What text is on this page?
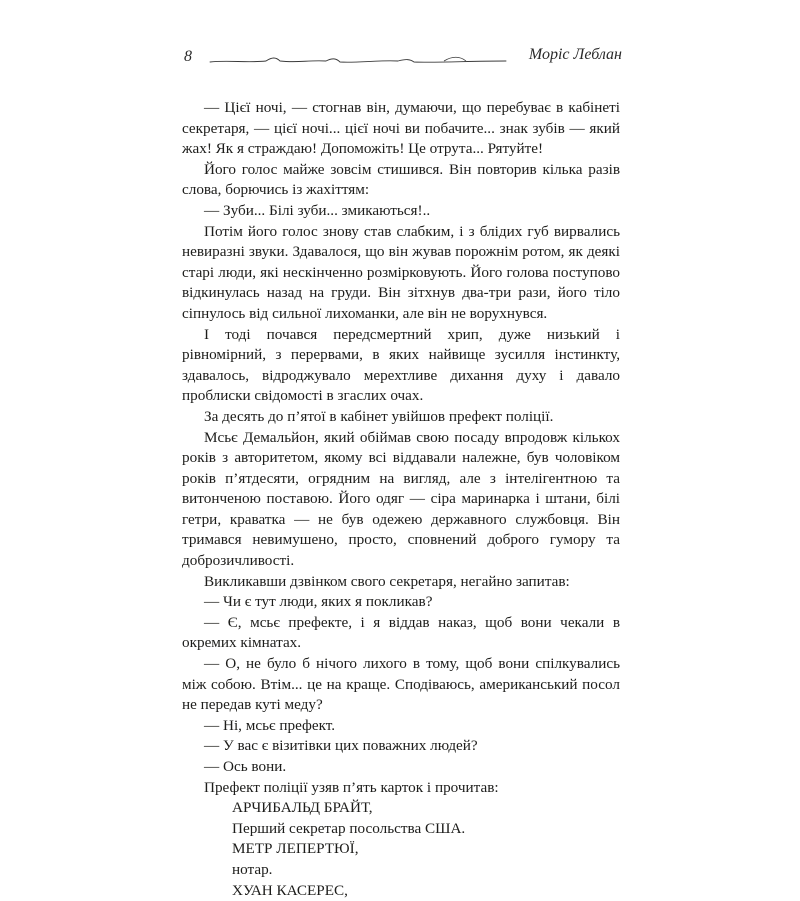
8	Моріс Леблан

— Цієї ночі, — стогнав він, думаючи, що перебуває в кабінеті секретаря, — цієї ночі... цієї ночі ви побачите... знак зубів — який жах! Як я страждаю! Допоможіть! Це отрута... Рятуйте!

Його голос майже зовсім стишився. Він повторив кілька разів слова, борючись із жахіттям:

— Зуби... Білі зуби... змикаються!..

Потім його голос знову став слабким, і з блідих губ вирвались невиразні звуки. Здавалося, що він жував порожнім ротом, як деякі старі люди, які нескінченно розмірковують. Його голова поступово відкинулась назад на груди. Він зітхнув два-три рази, його тіло сіпнулось від сильної лихоманки, але він не ворухнувся.

І тоді почався передсмертний хрип, дуже низький і рівномірний, з перервами, в яких найвище зусилля інстинкту, здавалось, відроджувало мерехтливе дихання духу і давало проблиски свідомості в згаслих очах.

За десять до п’ятої в кабінет увійшов префект поліції.

Мсьє Демальйон, який обіймав свою посаду впродовж кількох років з авторитетом, якому всі віддавали належне, був чоловіком років п’ятдесяти, огрядним на вигляд, але з інтелігентною та витонченою поставою. Його одяг — сіра маринарка і штани, білі гетри, краватка — не був одежею державного службовця. Він тримався невимушено, просто, сповнений доброго гумору та доброзичливості.

Викликавши дзвінком свого секретаря, негайно запитав:

— Чи є тут люди, яких я покликав?

— Є, мсьє префекте, і я віддав наказ, щоб вони чекали в окремих кімнатах.

— О, не було б нічого лихого в тому, щоб вони спілкувались між собою. Втім... це на краще. Сподіваюсь, американський посол не передав куті меду?

— Ні, мсьє префект.

— У вас є візитівки цих поважних людей?

— Ось вони.

Префект поліції узяв п’ять карток і прочитав:

АРЧИБАЛЬД БРАЙТ,

Перший секретар посольства США.

МЕТР ЛЕПЕРТЮЇ,

нотар.

ХУАН КАСЕРЕС,
